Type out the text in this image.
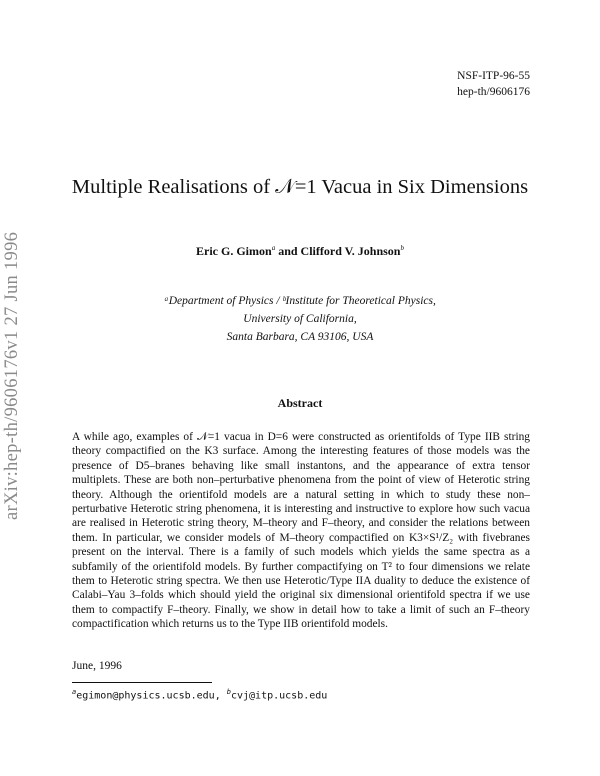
arXiv:hep-th/9606176v1 27 Jun 1996
NSF-ITP-96-55
hep-th/9606176
Multiple Realisations of 𝒩=1 Vacua in Six Dimensions
Eric G. Gimon$^a$ and Clifford V. Johnson$^b$
ᵃDepartment of Physics / ᵇInstitute for Theoretical Physics,
University of California,
Santa Barbara, CA 93106, USA
Abstract
A while ago, examples of 𝒩=1 vacua in D=6 were constructed as orientifolds of Type IIB string theory compactified on the K3 surface. Among the interesting features of those models was the presence of D5–branes behaving like small instantons, and the appearance of extra tensor multiplets. These are both non–perturbative phenomena from the point of view of Heterotic string theory. Although the orientifold models are a natural setting in which to study these non–perturbative Heterotic string phenomena, it is interesting and instructive to explore how such vacua are realised in Heterotic string theory, M–theory and F–theory, and consider the relations between them. In particular, we consider models of M–theory compactified on K3×S¹/Z₂ with fivebranes present on the interval. There is a family of such models which yields the same spectra as a subfamily of the orientifold models. By further compactifying on T² to four dimensions we relate them to Heterotic string spectra. We then use Heterotic/Type IIA duality to deduce the existence of Calabi–Yau 3–folds which should yield the original six dimensional orientifold spectra if we use them to compactify F–theory. Finally, we show in detail how to take a limit of such an F–theory compactification which returns us to the Type IIB orientifold models.
June, 1996
$^a$egimon@physics.ucsb.edu, $^b$cvj@itp.ucsb.edu
